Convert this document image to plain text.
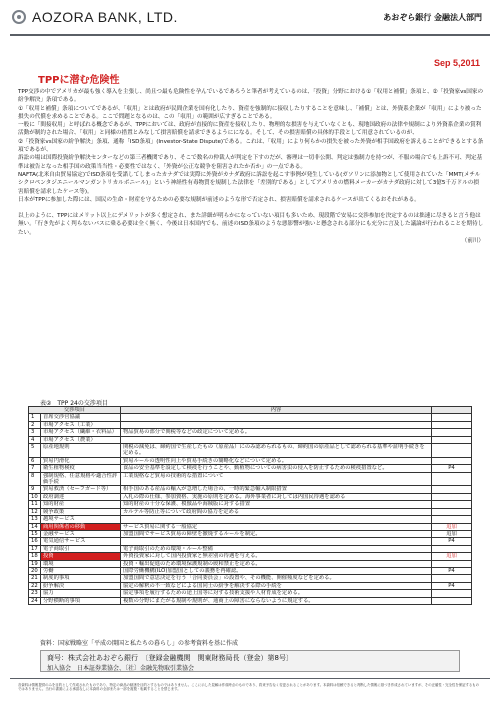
AOZORA BANK, LTD.	あおぞら銀行 金融法人部門
Sep 5,2011
TPPに潜む危険性

TPP交渉の中でアメリカが最も強く導入を主張し、尚且つ最も危険性を孕んでいるであろうと筆者が考えているのは、「投資」分野における①「収用と補償」条項と、②「投資家vs国家の紛争解決」条項である。

①「収用と補償」条項についてであるが、「収用」とは政府が民間企業を国有化したり、資産を強制的に接収したりすることを意味し、「補償」とは、外資系企業が「収用」により被った損失の代償を求めることである。ここで問題となるのは、この「収用」の範囲が広すぎることである。

一般に「間接収用」と呼ばれる概念であるが、TPPにおいては、政府が直接的に資産を接収したり、物理的な損害を与えていなくとも、現地国政府の法律や規制により外資系企業の賞利活動が制約された場合、「収用」と同様の措置とみなして損害賠償を請求できるようにになる。そして、その損害賠償の具体的手段として用意されているのが、

②「投資家vs国家の紛争解決」条項、通称「ISD条項」(Investor-State Dispute)である。これは、「収用」により何らかの損失を被った外資が相手国政府を訴えることができるとする条項であるが、

訴訟の場は国際投資紛争解決センターなどの第三者機関であり、そこで数名の仲裁人が判定を下すのだが、審理は一切非公開、判定は強制力を持つが、不服の場合でも上訴不可、判定基準は被告となった相手国の政策当当性・必要性ではなく、「外資が公正な競争を阻害されたか否か」の一点である。

NAFTA(北米自由貿易協定)でISD条項を受諾してしまったカナダでは実際に外資がカナダ政府に訴訟を起こす事例が発生している(ガソリンに添加物として使用されていた「MMT(メチルシクロペンタジエニールマンガントリカルボニール)」という神経性有毒物質を規制した法律を「差別的である」としてアメリカの燃料メーカーがカナダ政府に対して3億5千万ドルの損害賠償を請求したケース等)。

日本がTPPに参加した際には、国民の生命・財産を守るための必要な規制が前述のような形で否定され、損害賠償を請求されるケースが出てくるおそれがある。

以上のように、TPPにはメリット以上にデメリットが多く想定され、また詳細が明らかになっていない項目も多いため、現段階で安易に交渉参加を決定するのは拙速に尽きると言う他は無い。「行き先がよく判らないバスに乗る必要は全く無く、今後は日本国内でも、前述のISD条項のような悪影響が強いと懸念される部分にも充分に言及した議論が行われることを期待したい。

（前川）

表②　TPP 24の交渉項目
交渉項目		内容	
1	首席交渉官協議		
2	市場アクセス（工業）		
3	市場アクセス（繊維・衣料品）	物品貿易の部分で関税等などの政定について定める。	
4	市場アクセス（農業）		
5	原産地規則	関税の減免は、締約国で生産したもの（原産品）にのみ認められるもの、締約国の原産品として認められる基準や証明手続きを定める。	
6	貿易円滑化	貿易ルールの透明性向上や貿易手続きの簡略化などについて定める。	
7	衛生植物検疫	食品の安全基準を設定して検疫を行うことや、動植物についての病害虫の侵入を防止するための検疫措置など。	P4
8	強制規格、任意規格や適合性評価手続	工業規格など貿易の技術的な措置について	
9	貿易救済（セーフガード等）	相手国のある産品の輸入が急増した場合の、一時的緊急輸入制限措置	
10	政府調達	入札の際の仕様、参加資格、実施の原則を定める。海外事業者に対しては内国民待遇を認める	
11	知的財産	知的財産の十分な保護、模倣品や海賊版に対する措置	
12	競争政策	カルテル等防止等について政府間の協力を定める	
13	越境サービス		
14	商用関係者の移動	サービス貿易に関する一般協定	追加
15	金融サービス	加盟国間でサービス貿易の障壁を撤廃するルールを制定。	追加
16	電気通信サービス		P4
17	電子商取引	電子商取引のための環境・ルール整備	
18	投資	外資投資家に対して国内投資家と無差別の待遇を与える。	追加
19	環境	投資・輸出促進のため環境保護規制の緩和禁止を定める。	
20	労働	国際労働機構(ILO)加盟国としての義務を再確認。	P4
21	制度的事項	加盟国間で意思決定を行う「合同委員会」の設置や、その機能、開催頻度などを定める。	
22	紛争解決	協定の解釈の不一致などによる国同士の紛争を解決する際の手続を	P4
23	協力	協定事項を履行するための途上国等に対する技術支援や人材育成を定める。	
24	分野横断的事項	複数の分野にまたがる規制や規則が、通商上の障害にならないように規定する。	
資料：国家戦略室「平成の開国と私たちの暮らし」の参考資料を基に作成
商号：株式会社あおぞら銀行　〔登録金融機関　関東財務局長（登金）第8号〕
加入協会　日本証券業協会、〔社〕金融先物取引業協会
各資料は情報提供のみを目的として作成されたものであり、特定の商品の勧誘を目的とするものではありません。ここに示した見解は作成時点のものであり、将来予告なく変更されることがあります。本資料は信頼できると判断した情報に基づき作成されていますが、その正確性・完全性を保証するものではありません。当行の書面による承諾なしに本資料の全部または一部を複製・転載することを禁じます。
